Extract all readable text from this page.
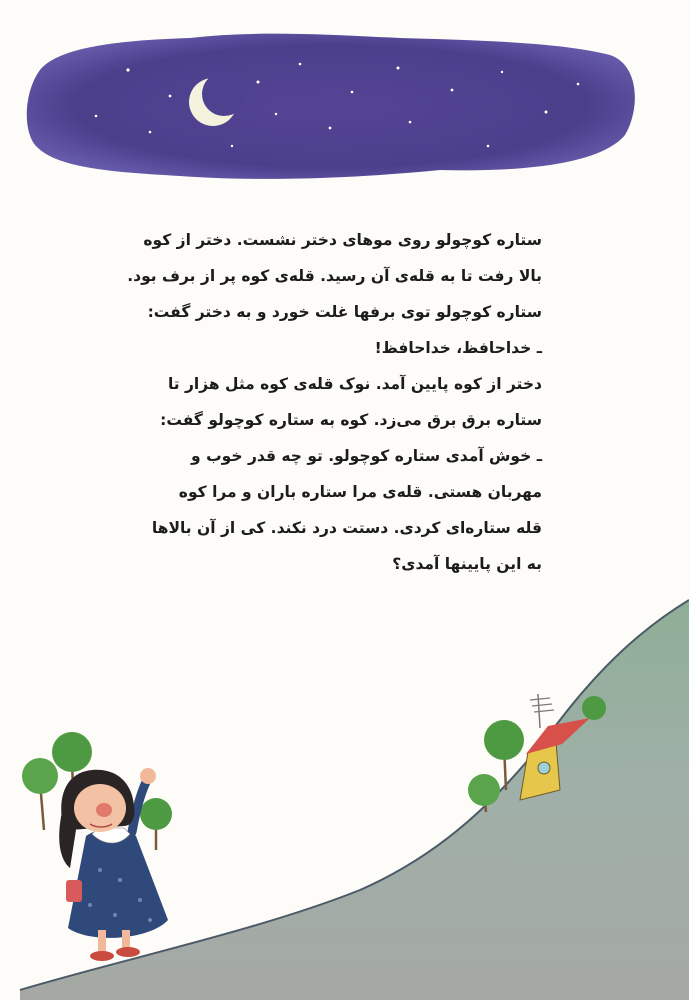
ستاره کوچولو روی موهای دختر نشست. دختر از کوه
بالا رفت تا به قله‌ی آن رسید. قله‌ی کوه پر از برف بود.
ستاره کوچولو توی برفها غلت خورد و به دختر گفت:
ـ خداحافظ، خداحافظ!
دختر از کوه پایین آمد. نوک قله‌ی کوه مثل هزار تا
ستاره برق برق می‌زد. کوه به ستاره کوچولو گفت:
ـ خوش آمدی ستاره کوچولو. تو چه قدر خوب و
مهربان هستی. قله‌ی مرا ستاره باران و مرا کوه
قله ستاره‌ای کردی. دستت درد نکند. کی از آن بالاها
به این پایینها آمدی؟
